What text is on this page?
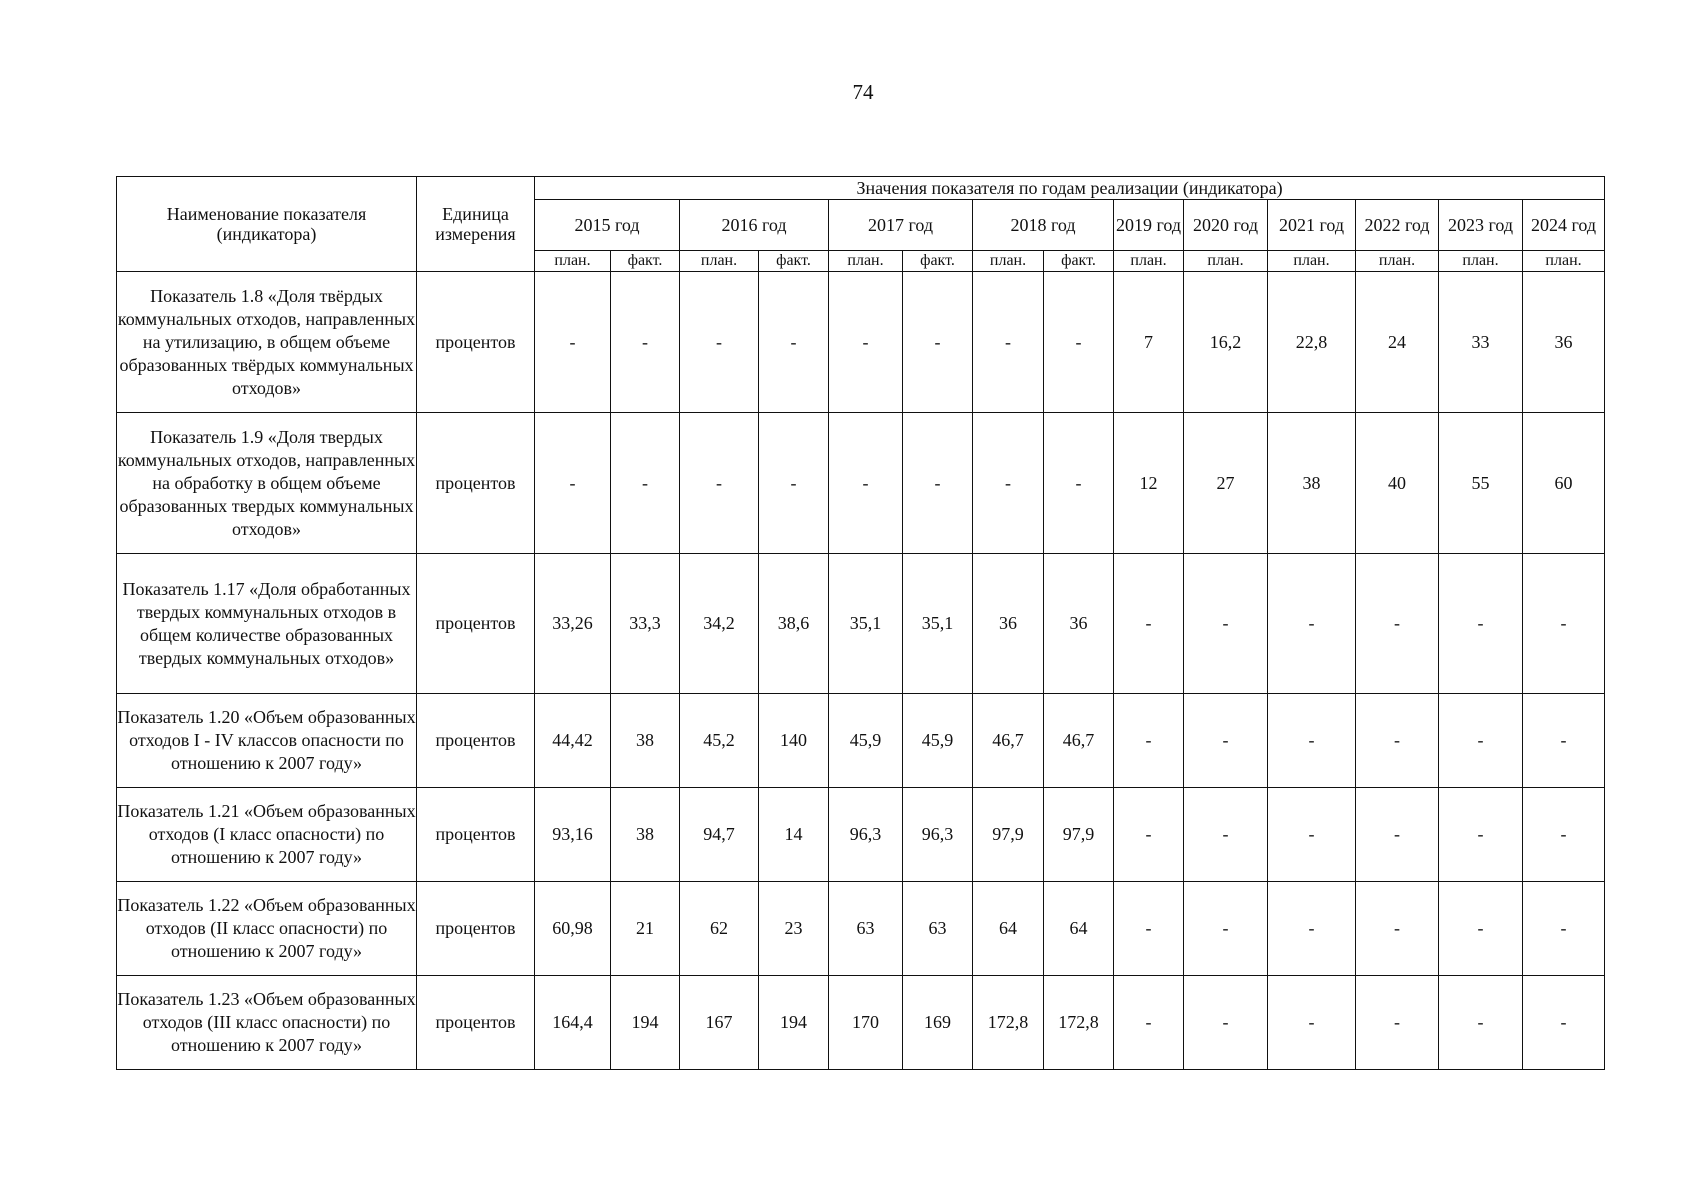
74
Наименование показателя (индикатора)	Единица измерения	Значения показателя по годам реализации (индикатора)													
		2015 год		2016 год		2017 год		2018 год		2019 год	2020 год	2021 год	2022 год	2023 год	2024 год
		план.	факт.	план.	факт.	план.	факт.	план.	факт.	план.	план.	план.	план.	план.	план.
Показатель 1.8 «Доля твёрдых коммунальных отходов, направленных на утилизацию, в общем объеме образованных твёрдых коммунальных отходов»	процентов	-	-	-	-	-	-	-	-	7	16,2	22,8	24	33	36
Показатель 1.9 «Доля твердых коммунальных отходов, направленных на обработку в общем объеме образованных твердых коммунальных отходов»	процентов	-	-	-	-	-	-	-	-	12	27	38	40	55	60
Показатель 1.17 «Доля обработанных твердых коммунальных отходов в общем количестве образованных твердых коммунальных отходов»	процентов	33,26	33,3	34,2	38,6	35,1	35,1	36	36	-	-	-	-	-	-
Показатель 1.20 «Объем образованных отходов I - IV классов опасности по отношению к 2007 году»	процентов	44,42	38	45,2	140	45,9	45,9	46,7	46,7	-	-	-	-	-	-
Показатель 1.21 «Объем образованных отходов (I класс опасности) по отношению к 2007 году»	процентов	93,16	38	94,7	14	96,3	96,3	97,9	97,9	-	-	-	-	-	-
Показатель 1.22 «Объем образованных отходов (II класс опасности) по отношению к 2007 году»	процентов	60,98	21	62	23	63	63	64	64	-	-	-	-	-	-
Показатель 1.23 «Объем образованных отходов (III класс опасности) по отношению к 2007 году»	процентов	164,4	194	167	194	170	169	172,8	172,8	-	-	-	-	-	-
